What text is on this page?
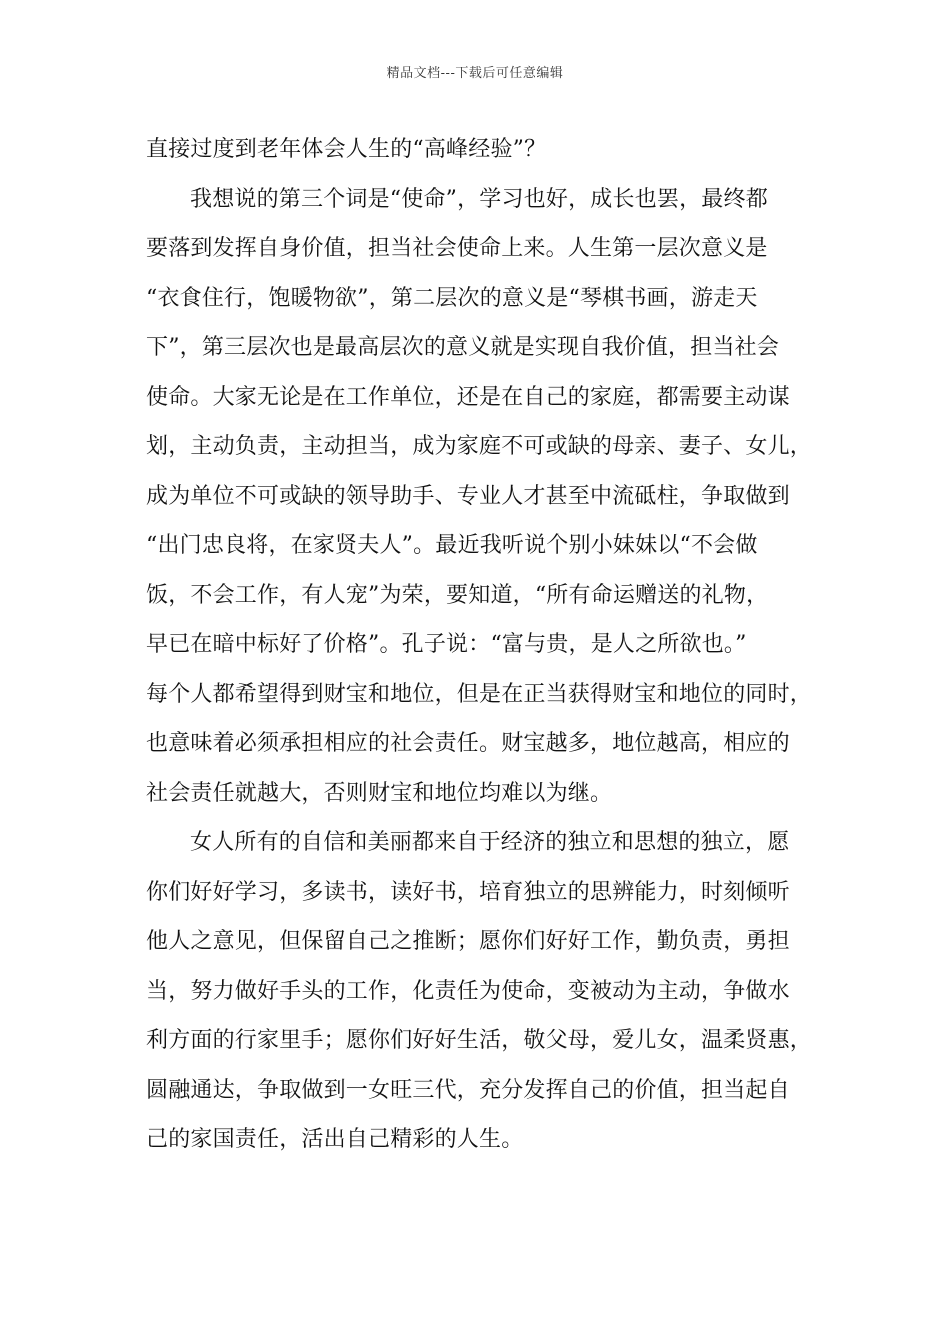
精品文档---下载后可任意编辑
直接过度到老年体会人生的“高峰经验”？
我想说的第三个词是“使命”，学习也好，成长也罢，最终都
要落到发挥自身价值，担当社会使命上来。人生第一层次意义是
“衣食住行，饱暖物欲”，第二层次的意义是“琴棋书画，游走天
下”，第三层次也是最高层次的意义就是实现自我价值，担当社会
使命。大家无论是在工作单位，还是在自己的家庭，都需要主动谋
划，主动负责，主动担当，成为家庭不可或缺的母亲、妻子、女儿，
成为单位不可或缺的领导助手、专业人才甚至中流砥柱，争取做到
“出门忠良将，在家贤夫人”。最近我听说个别小妹妹以“不会做
饭，不会工作，有人宠”为荣，要知道，“所有命运赠送的礼物，
早已在暗中标好了价格”。孔子说：“富与贵，是人之所欲也。”
每个人都希望得到财宝和地位，但是在正当获得财宝和地位的同时，
也意味着必须承担相应的社会责任。财宝越多，地位越高，相应的
社会责任就越大，否则财宝和地位均难以为继。
女人所有的自信和美丽都来自于经济的独立和思想的独立，愿
你们好好学习，多读书，读好书，培育独立的思辨能力，时刻倾听
他人之意见，但保留自己之推断；愿你们好好工作，勤负责，勇担
当，努力做好手头的工作，化责任为使命，变被动为主动，争做水
利方面的行家里手；愿你们好好生活，敬父母，爱儿女，温柔贤惠，
圆融通达，争取做到一女旺三代，充分发挥自己的价值，担当起自
己的家国责任，活出自己精彩的人生。
